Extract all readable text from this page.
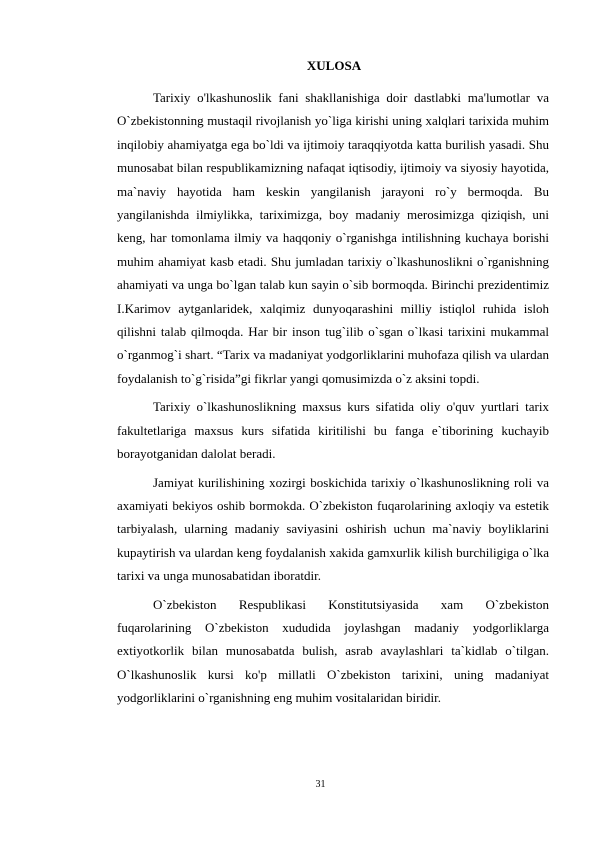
XULOSA

Tarixiy o'lkashunoslik fani shakllanishiga doir dastlabki ma'lumotlar va O`zbekistonning mustaqil rivojlanish yo`liga kirishi uning xalqlari tarixida muhim inqilobiy ahamiyatga ega bo`ldi va ijtimoiy taraqqiyotda katta burilish yasadi. Shu munosabat bilan respublikamizning nafaqat iqtisodiy, ijtimoiy va siyosiy hayotida, ma`naviy hayotida ham keskin yangilanish jarayoni ro`y bermoqda. Bu yangilanishda ilmiylikka, tariximizga, boy madaniy merosimizga qiziqish, uni keng, har tomonlama ilmiy va haqqoniy o`rganishga intilishning kuchaya borishi muhim ahamiyat kasb etadi. Shu jumladan tarixiy o`lkashunoslikni o`rganishning ahamiyati va unga bo`lgan talab kun sayin o`sib bormoqda. Birinchi prezidentimiz I.Karimov aytganlaridek, xalqimiz dunyoqarashini milliy istiqlol ruhida isloh qilishni talab qilmoqda. Har bir inson tug`ilib o`sgan o`lkasi tarixini mukammal o`rganmog`i shart. “Tarix va madaniyat yodgorliklarini muhofaza qilish va ulardan foydalanish to`g`risida”gi fikrlar yangi qomusimizda o`z aksini topdi.

Tarixiy o`lkashunoslikning maxsus kurs sifatida oliy o'quv yurtlari tarix fakultetlariga maxsus kurs sifatida kiritilishi bu fanga e`tiborining kuchayib borayotganidan dalolat beradi.

Jamiyat kurilishining xozirgi boskichida tarixiy o`lkashunoslikning roli va axamiyati bekiyos oshib bormokda. O`zbekiston fuqarolarining axloqiy va estetik tarbiyalash, ularning madaniy saviyasini oshirish uchun ma`naviy boyliklarini kupaytirish va ulardan keng foydalanish xakida gamxurlik kilish burchiligiga o`lka tarixi va unga munosabatidan iboratdir.

O`zbekiston Respublikasi Konstitutsiyasida xam O`zbekiston fuqarolarining O`zbekiston xududida joylashgan madaniy yodgorliklarga extiyotkorlik bilan munosabatda bulish, asrab avaylashlari ta`kidlab o`tilgan. O`lkashunoslik kursi ko'p millatli O`zbekiston tarixini, uning madaniyat yodgorliklarini o`rganishning eng muhim vositalaridan biridir.

31
